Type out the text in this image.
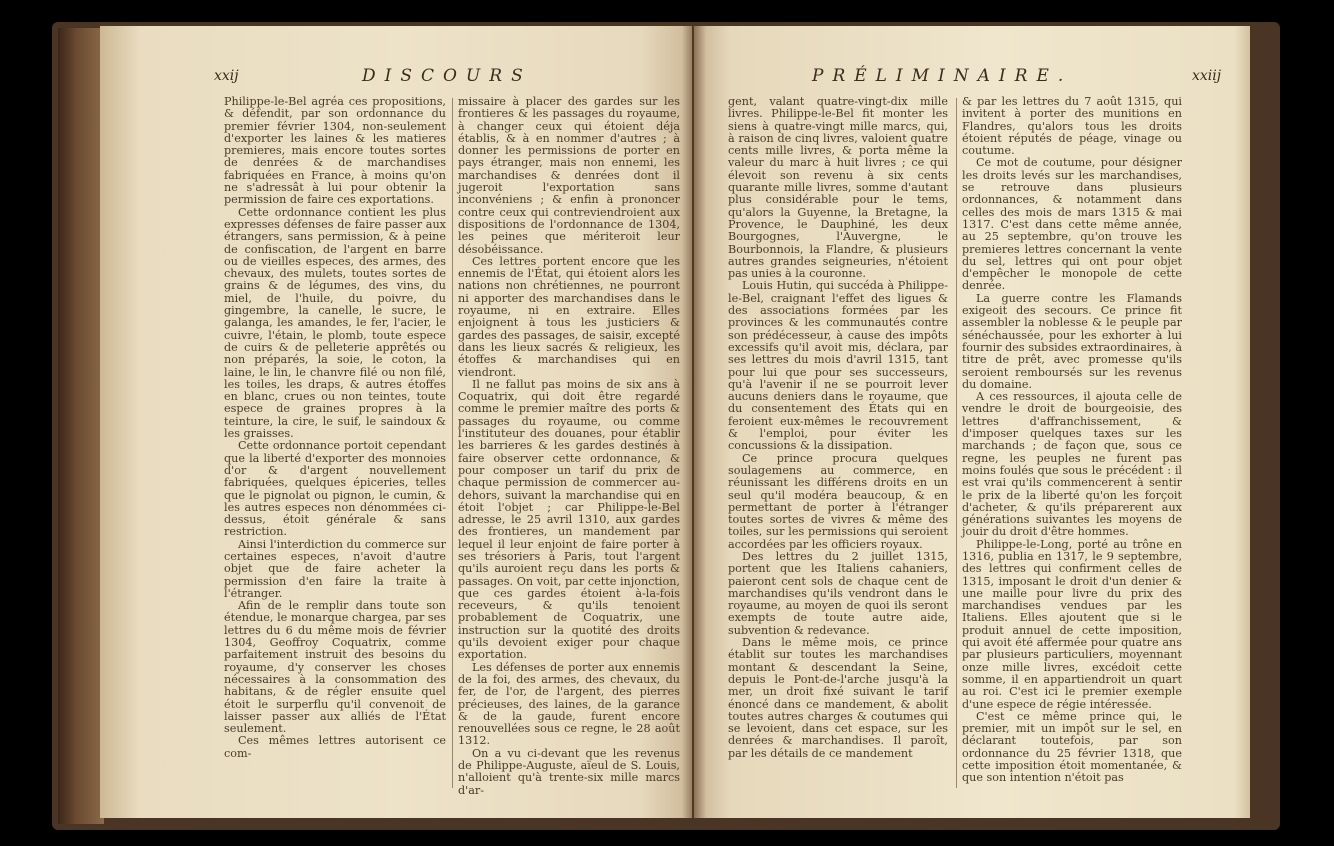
xxij	DISCOURS

Philippe-le-Bel agréa ces propositions, & défendit, par son ordonnance du premier février 1304, non-seulement d'exporter les laines & les matieres premieres, mais encore toutes sortes de denrées & de marchandises fabriquées en France, à moins qu'on ne s'adressât à lui pour obtenir la permission de faire ces exportations.

Cette ordonnance contient les plus expresses défenses de faire passer aux étrangers, sans permission, & à peine de confiscation, de l'argent en barre ou de vieilles especes, des armes, des chevaux, des mulets, toutes sortes de grains & de légumes, des vins, du miel, de l'huile, du poivre, du gingembre, la canelle, le sucre, le galanga, les amandes, le fer, l'acier, le cuivre, l'étain, le plomb, toute espece de cuirs & de pelleterie apprêtés ou non préparés, la soie, le coton, la laine, le lin, le chanvre filé ou non filé, les toiles, les draps, & autres étoffes en blanc, crues ou non teintes, toute espece de graines propres à la teinture, la cire, le suif, le saindoux & les graisses.

Cette ordonnance portoit cependant que la liberté d'exporter des monnoies d'or & d'argent nouvellement fabriquées, quelques épiceries, telles que le pignolat ou pignon, le cumin, & les autres especes non dénommées ci-dessus, étoit générale & sans restriction.

Ainsi l'interdiction du commerce sur certaines especes, n'avoit d'autre objet que de faire acheter la permission d'en faire la traite à l'étranger.

Afin de le remplir dans toute son étendue, le monarque chargea, par ses lettres du 6 du même mois de février 1304, Geoffroy Coquatrix, comme parfaitement instruit des besoins du royaume, d'y conserver les choses nécessaires à la consommation des habitans, & de régler ensuite quel étoit le surperflu qu'il convenoit de laisser passer aux alliés de l'État seulement.

Ces mêmes lettres autorisent ce com-

missaire à placer des gardes sur les frontieres & les passages du royaume, à changer ceux qui étoient déja établis, & à en nommer d'autres ; à donner les permissions de porter en pays étranger, mais non ennemi, les marchandises & denrées dont il jugeroit l'exportation sans inconvéniens ; & enfin à prononcer contre ceux qui contreviendroient aux dispositions de l'ordonnance de 1304, les peines que mériteroit leur désobéissance.

Ces lettres portent encore que les ennemis de l'État, qui étoient alors les nations non chrétiennes, ne pourront ni apporter des marchandises dans le royaume, ni en extraire. Elles enjoignent à tous les justiciers & gardes des passages, de saisir, excepté dans les lieux sacrés & religieux, les étoffes & marchandises qui en viendront.

Il ne fallut pas moins de six ans à Coquatrix, qui doit être regardé comme le premier maître des ports & passages du royaume, ou comme l'instituteur des douanes, pour établir les barrieres & les gardes destinés à faire observer cette ordonnance, & pour composer un tarif du prix de chaque permission de commercer au-dehors, suivant la marchandise qui en étoit l'objet ; car Philippe-le-Bel adresse, le 25 avril 1310, aux gardes des frontieres, un mandement par lequel il leur enjoint de faire porter à ses trésoriers à Paris, tout l'argent qu'ils auroient reçu dans les ports & passages. On voit, par cette injonction, que ces gardes étoient à-la-fois receveurs, & qu'ils tenoient probablement de Coquatrix, une instruction sur la quotité des droits qu'ils devoient exiger pour chaque exportation.

Les défenses de porter aux ennemis de la foi, des armes, des chevaux, du fer, de l'or, de l'argent, des pierres précieuses, des laines, de la garance & de la gaude, furent encore renouvellées sous ce regne, le 28 août 1312.

On a vu ci-devant que les revenus de Philippe-Auguste, aïeul de S. Louis, n'alloient qu'à trente-six mille marcs d'ar-

PRÉLIMINAIRE.	xxiij

gent, valant quatre-vingt-dix mille livres. Philippe-le-Bel fit monter les siens à quatre-vingt mille marcs, qui, à raison de cinq livres, valoient quatre cents mille livres, & porta même la valeur du marc à huit livres ; ce qui élevoit son revenu à six cents quarante mille livres, somme d'autant plus considérable pour le tems, qu'alors la Guyenne, la Bretagne, la Provence, le Dauphiné, les deux Bourgognes, l'Auvergne, le Bourbonnois, la Flandre, & plusieurs autres grandes seigneuries, n'étoient pas unies à la couronne.

Louis Hutin, qui succéda à Philippe-le-Bel, craignant l'effet des ligues & des associations formées par les provinces & les communautés contre son prédécesseur, à cause des impôts excessifs qu'il avoit mis, déclara, par ses lettres du mois d'avril 1315, tant pour lui que pour ses successeurs, qu'à l'avenir il ne se pourroit lever aucuns deniers dans le royaume, que du consentement des États qui en feroient eux-mêmes le recouvrement & l'emploi, pour éviter les concussions & la dissipation.

Ce prince procura quelques soulagemens au commerce, en réunissant les différens droits en un seul qu'il modéra beaucoup, & en permettant de porter à l'étranger toutes sortes de vivres & même des toiles, sur les permissions qui seroient accordées par les officiers royaux.

Des lettres du 2 juillet 1315, portent que les Italiens cahaniers, paieront cent sols de chaque cent de marchandises qu'ils vendront dans le royaume, au moyen de quoi ils seront exempts de toute autre aide, subvention & redevance.

Dans le même mois, ce prince établit sur toutes les marchandises montant & descendant la Seine, depuis le Pont-de-l'arche jusqu'à la mer, un droit fixé suivant le tarif énoncé dans ce mandement, & abolit toutes autres charges & coutumes qui se levoient, dans cet espace, sur les denrées & marchandises. Il paroît, par les détails de ce mandement

& par les lettres du 7 août 1315, qui invitent à porter des munitions en Flandres, qu'alors tous les droits étoient réputés de péage, vinage ou coutume.

Ce mot de coutume, pour désigner les droits levés sur les marchandises, se retrouve dans plusieurs ordonnances, & notamment dans celles des mois de mars 1315 & mai 1317. C'est dans cette même année, au 25 septembre, qu'on trouve les premieres lettres concernant la vente du sel, lettres qui ont pour objet d'empêcher le monopole de cette denrée.

La guerre contre les Flamands exigeoit des secours. Ce prince fit assembler la noblesse & le peuple par sénéchaussée, pour les exhorter à lui fournir des subsides extraordinaires, à titre de prêt, avec promesse qu'ils seroient remboursés sur les revenus du domaine.

A ces ressources, il ajouta celle de vendre le droit de bourgeoisie, des lettres d'affranchissement, & d'imposer quelques taxes sur les marchands ; de façon que, sous ce regne, les peuples ne furent pas moins foulés que sous le précédent : il est vrai qu'ils commencerent à sentir le prix de la liberté qu'on les forçoit d'acheter, & qu'ils préparerent aux générations suivantes les moyens de jouir du droit d'être hommes.

Philippe-le-Long, porté au trône en 1316, publia en 1317, le 9 septembre, des lettres qui confirment celles de 1315, imposant le droit d'un denier & une maille pour livre du prix des marchandises vendues par les Italiens. Elles ajoutent que si le produit annuel de cette imposition, qui avoit été affermée pour quatre ans par plusieurs particuliers, moyennant onze mille livres, excédoit cette somme, il en appartiendroit un quart au roi. C'est ici le premier exemple d'une espece de régie intéressée.

C'est ce même prince qui, le premier, mit un impôt sur le sel, en déclarant toutefois, par son ordonnance du 25 février 1318, que cette imposition étoit momentanée, & que son intention n'étoit pas
